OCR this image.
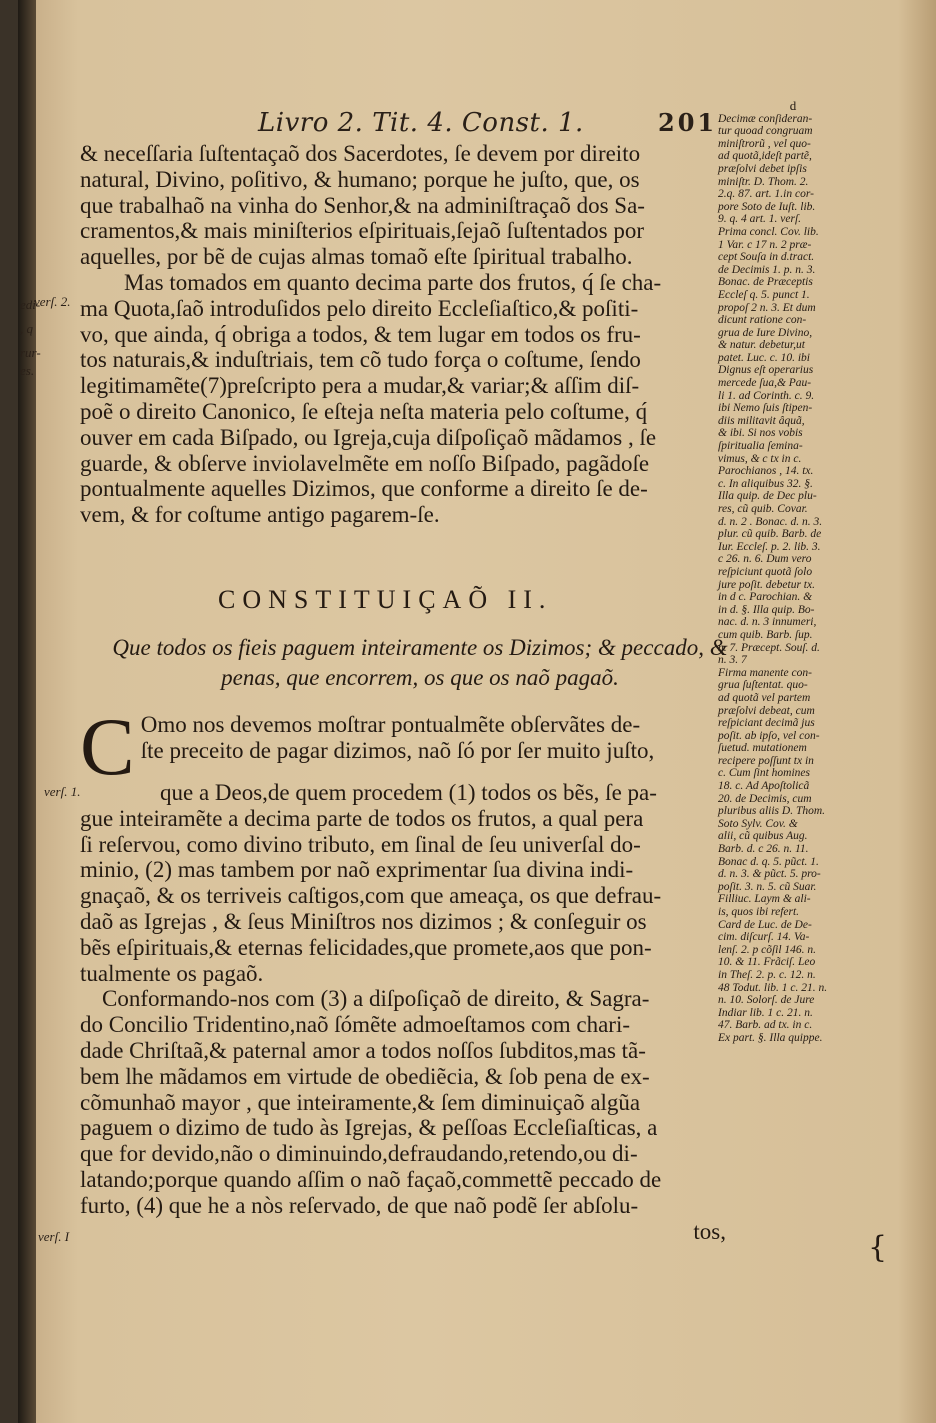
Livro 2. Tit. 4. Const. 1.	201
edi-
verſ. 2.
, q
rur-
es.
verſ. 1.
verſ. I

& neceſſaria ſuſtentaçaõ dos Sacerdotes, ſe devem por direito

natural, Divino, poſitivo, & humano; porque he juſto, que, os

que trabalhaõ na vinha do Senhor,& na adminiſtraçaõ dos Sa-

cramentos,& mais miniſterios eſpirituais,ſejaõ ſuſtentados por

aquelles, por bẽ de cujas almas tomaõ eſte ſpiritual trabalho.

Mas tomados em quanto decima parte dos frutos, q́ ſe cha-

ma Quota,ſaõ introduſidos pelo direito Eccleſiaſtico,& poſiti-

vo, que ainda, q́ obriga a todos, & tem lugar em todos os fru-

tos naturais,& induſtriais, tem cõ tudo força o coſtume, ſendo

legitimamẽte(7)preſcripto pera a mudar,& variar;& aſſim diſ-

poẽ o direito Canonico, ſe eſteja neſta materia pelo coſtume, q́

ouver em cada Biſpado, ou Igreja,cuja diſpoſiçaõ mãdamos , ſe

guarde, & obſerve inviolavelmẽte em noſſo Biſpado, pagãdoſe

pontualmente aquelles Dizimos, que conforme a direito ſe de-

vem, & for coſtume antigo pagarem-ſe.

CONSTITUIÇAÕ II.
Que todos os fieis paguem inteiramente os Dizimos; & peccado, &
penas, que encorrem, os que os naõ pagaõ.
C Omo nos devemos moſtrar pontualmẽte obſervãtes de-

ſte preceito de pagar dizimos, naõ ſó por ſer muito juſto,

que a Deos,de quem procedem (1) todos os bẽs, ſe pa-

gue inteiramẽte a decima parte de todos os frutos, a qual pera

ſi reſervou, como divino tributo, em ſinal de ſeu univerſal do-

minio, (2) mas tambem por naõ exprimentar ſua divina indi-

gnaçaõ, & os terriveis caſtigos,com que ameaça, os que defrau-

daõ as Igrejas , & ſeus Miniſtros nos dizimos ; & conſeguir os

bẽs eſpirituais,& eternas felicidades,que promete,aos que pon-

tualmente os pagaõ.

Conformando-nos com (3) a diſpoſiçaõ de direito, & Sagra-

do Concilio Tridentino,naõ ſómẽte admoeſtamos com chari-

dade Chriſtaã,& paternal amor a todos noſſos ſubditos,mas tã-

bem lhe mãdamos em virtude de obediẽcia, & ſob pena de ex-

cõmunhaõ mayor , que inteiramente,& ſem diminuiçaõ algũa

paguem o dizimo de tudo às Igrejas, & peſſoas Eccleſiaſticas, a

que for devido,não o diminuindo,defraudando,retendo,ou di-

latando;porque quando aſſim o naõ façaõ,commettẽ peccado de

furto, (4) que he a nòs reſervado, de que naõ podẽ ſer abſolu-

tos,

d

Decimæ conſideran-

tur quoad congruam

miniſtrorũ , vel quo-

ad quotã,ideſt partẽ,

præſolvi debet ipſis

miniſtr. D. Thom. 2.

2.q. 87. art. 1.in cor-

pore Soto de Iuſt. lib.

9. q. 4 art. 1. verſ.

Prima concl. Cov. lib.

1 Var. c 17 n. 2 præ-

cept Souſa in d.tract.

de Decimis 1. p. n. 3.

Bonac. de Præceptis

Eccleſ q. 5. punct 1.

propoſ 2 n. 3. Et dum

dicunt ratione con-

grua de Iure Divino,

& natur. debetur,ut

patet. Luc. c. 10. ibi

Dignus eſt operarius

mercede ſua,& Pau-

li 1. ad Corinth. c. 9.

ibi Nemo ſuis ſtipen-

diis militavit âquã,

& ibi. Si nos vobis

ſpiritualia ſemina-

vimus, & c tx in c.

Parochianos , 14. tx.

c. In aliquibus 32. §.

Illa quip. de Dec plu-

res, cũ quib. Covar.

d. n. 2 . Bonac. d. n. 3.

plur. cũ quib. Barb. de

Iur. Eccleſ. p. 2. lib. 3.

c 26. n. 6. Dum vero

reſpiciunt quotã ſolo

jure poſit. debetur tx.

in d c. Parochian. &

in d. §. Illa quip. Bo-

nac. d. n. 3 innumeri,

cum quib. Barb. ſup.

n. 7. Præcept. Souſ. d.

n. 3. 7

Firma manente con-

grua ſuſtentat. quo-

ad quotã vel partem

præſolvi debeat, cum

reſpiciant decimã jus

poſit. ab ipſo, vel con-

ſuetud. mutationem

recipere poſſunt tx in

c. Cum ſint homines

18. c. Ad Apoſtolicã

20. de Decimis, cum

pluribus aliis D. Thom.

Soto Sylv. Cov. &

alii, cũ quibus Aug.

Barb. d. c 26. n. 11.

Bonac d. q. 5. pũct. 1.

d. n. 3. & pũct. 5. pro-

poſit. 3. n. 5. cũ Suar.

Filliuc. Laym & ali-

is, quos ibi refert.

Card de Luc. de De-

cim. diſcurſ. 14. Va-

lenſ. 2. p cõſil 146. n.

10. & 11. Frãciſ. Leo

in Theſ. 2. p. c. 12. n.

48 Todut. lib. 1 c. 21. n.

n. 10. Solorſ. de Jure

Indiar lib. 1 c. 21. n.

47. Barb. ad tx. in c.

Ex part. §. Illa quippe.

{
